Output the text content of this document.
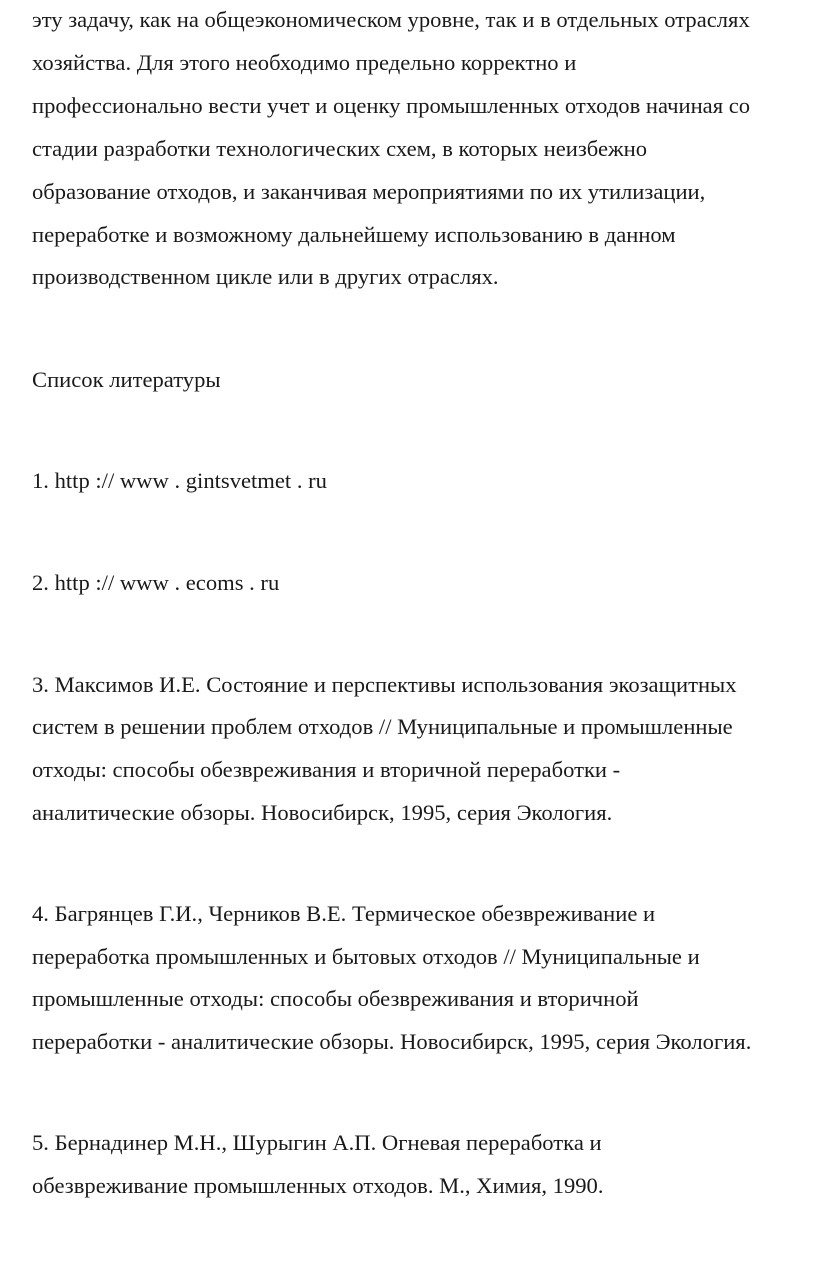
эту задачу, как на общеэкономическом уровне, так и в отдельных отраслях
хозяйства. Для этого необходимо предельно корректно и
профессионально вести учет и оценку промышленных отходов начиная со
стадии разработки технологических схем, в которых неизбежно
образование отходов, и заканчивая мероприятиями по их утилизации,
переработке и возможному дальнейшему использованию в данном
производственном цикле или в других отраслях.
Список литературы
1. http :// www . gintsvetmet . ru
2. http :// www . ecoms . ru
3. Максимов И.Е. Состояние и перспективы использования экозащитных
систем в решении проблем отходов // Муниципальные и промышленные
отходы: способы обезвреживания и вторичной переработки -
аналитические обзоры. Новосибирск, 1995, серия Экология.
4. Багрянцев Г.И., Черников В.Е. Термическое обезвреживание и
переработка промышленных и бытовых отходов // Муниципальные и
промышленные отходы: способы обезвреживания и вторичной
переработки - аналитические обзоры. Новосибирск, 1995, серия Экология.
5. Бернадинер М.Н., Шурыгин А.П. Огневая переработка и
обезвреживание промышленных отходов. М., Химия, 1990.
